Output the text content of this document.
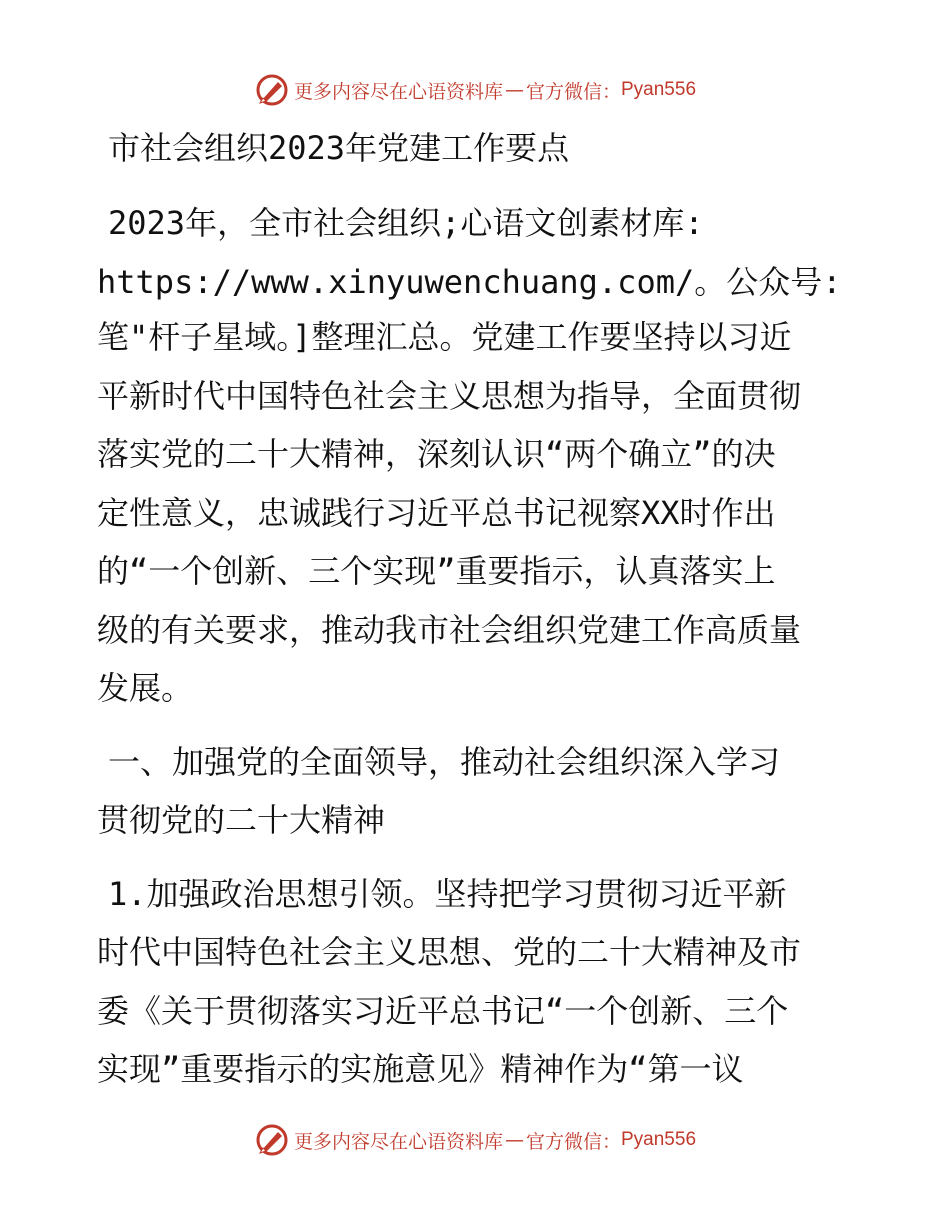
更多内容尽在心语资料库 — 官方微信： Pyan556
市社会组织2023年党建工作要点
2023年，全市社会组织;心语文创素材库:
https://www.xinyuwenchuang.com/。公众号:
笔"杆子星域。]整理汇总。党建工作要坚持以习近
平新时代中国特色社会主义思想为指导，全面贯彻
落实党的二十大精神，深刻认识“两个确立”的决
定性意义，忠诚践行习近平总书记视察XX时作出
的“一个创新、三个实现”重要指示，认真落实上
级的有关要求，推动我市社会组织党建工作高质量
发展。
一、加强党的全面领导，推动社会组织深入学习
贯彻党的二十大精神
1.加强政治思想引领。坚持把学习贯彻习近平新
时代中国特色社会主义思想、党的二十大精神及市
委《关于贯彻落实习近平总书记“一个创新、三个
实现”重要指示的实施意见》精神作为“第一议
更多内容尽在心语资料库 — 官方微信： Pyan556
